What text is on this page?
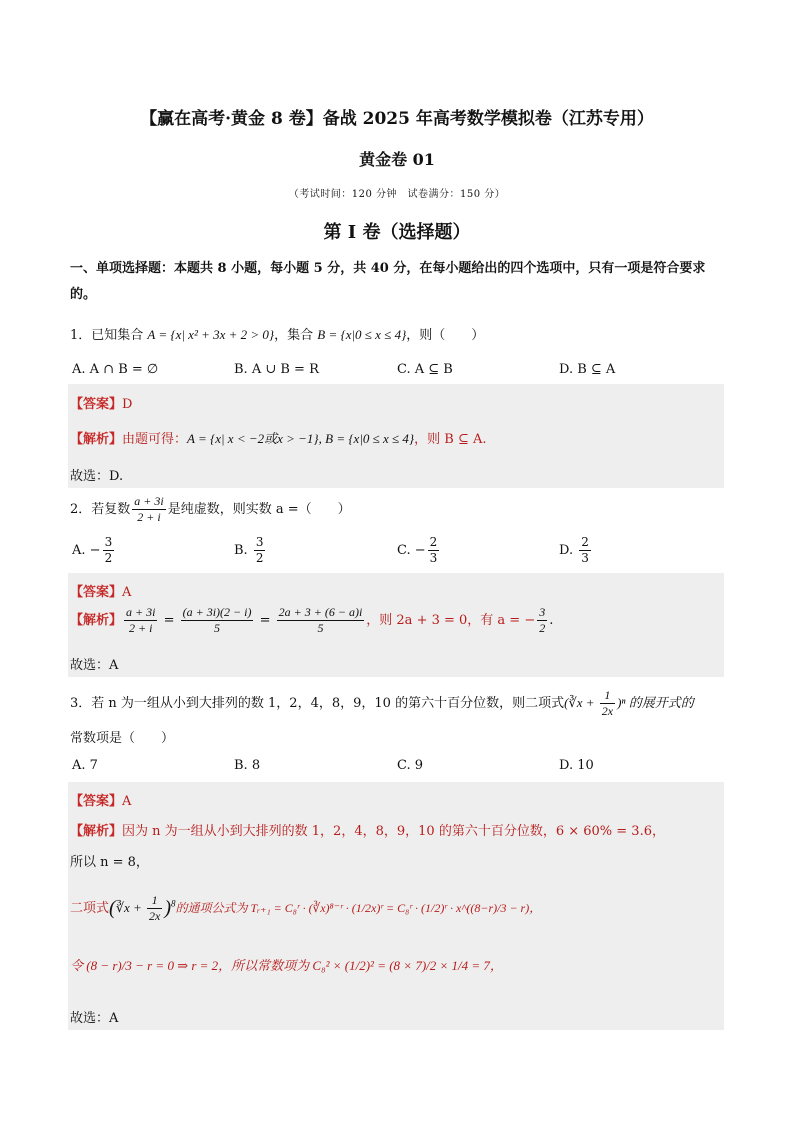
【赢在高考·黄金 8 卷】备战 2025 年高考数学模拟卷（江苏专用）
黄金卷 01
（考试时间：120 分钟　试卷满分：150 分）
第 I 卷（选择题）
一、单项选择题：本题共 8 小题，每小题 5 分，共 40 分，在每小题给出的四个选项中，只有一项是符合要求的。
1．已知集合 A = {x| x² + 3x + 2 > 0}，集合 B = {x|0 ≤ x ≤ 4}，则（　　）
A. A ∩ B = ∅	B. A ∪ B = R	C. A ⊆ B	D. B ⊆ A
【答案】D
【解析】由题可得：A = {x| x < −2或x > −1}, B = {x|0 ≤ x ≤ 4}，则 B ⊆ A.
故选：D.
2．若复数 $\frac{a + 3i}{2 + i}$ 是纯虚数，则实数 a =（　　）
A. − $\frac{3}{2}$	B. $\frac{3}{2}$	C. − $\frac{2}{3}$	D. $\frac{2}{3}$
【答案】A
【解析】 $\frac{a + 3i}{2 + i} = \frac{(a + 3i)(2 - i)}{5} = \frac{2a + 3 + (6 - a)i}{5}$ ，则 2a + 3 = 0，有 a = − $\frac{3}{2}$ .
故选：A
3．若 n 为一组从小到大排列的数 1，2，4，8，9，10 的第六十百分位数，则二项式(∛x + $\frac{1}{2x} )^n$ 的展开式的
常数项是（　　）
A. 7	B. 8	C. 9	D. 10
【答案】A
【解析】因为 n 为一组从小到大排列的数 1，2，4，8，9，10 的第六十百分位数，6 × 60% = 3.6，
所以 n = 8，
二项式(∛x + $\frac{1}{2x} )^8$的通项公式为 Tᵣ₊₁ = C₈ʳ · (∛x)⁸⁻ʳ · (1/2x)ʳ = C₈ʳ · (1/2)ʳ · x^((8−r)/3 − r)，
令 (8 − r)/3 − r = 0 ⇒ r = 2，所以常数项为 C₈² × (1/2)² = (8 × 7)/2 × 1/4 = 7，
故选：A
